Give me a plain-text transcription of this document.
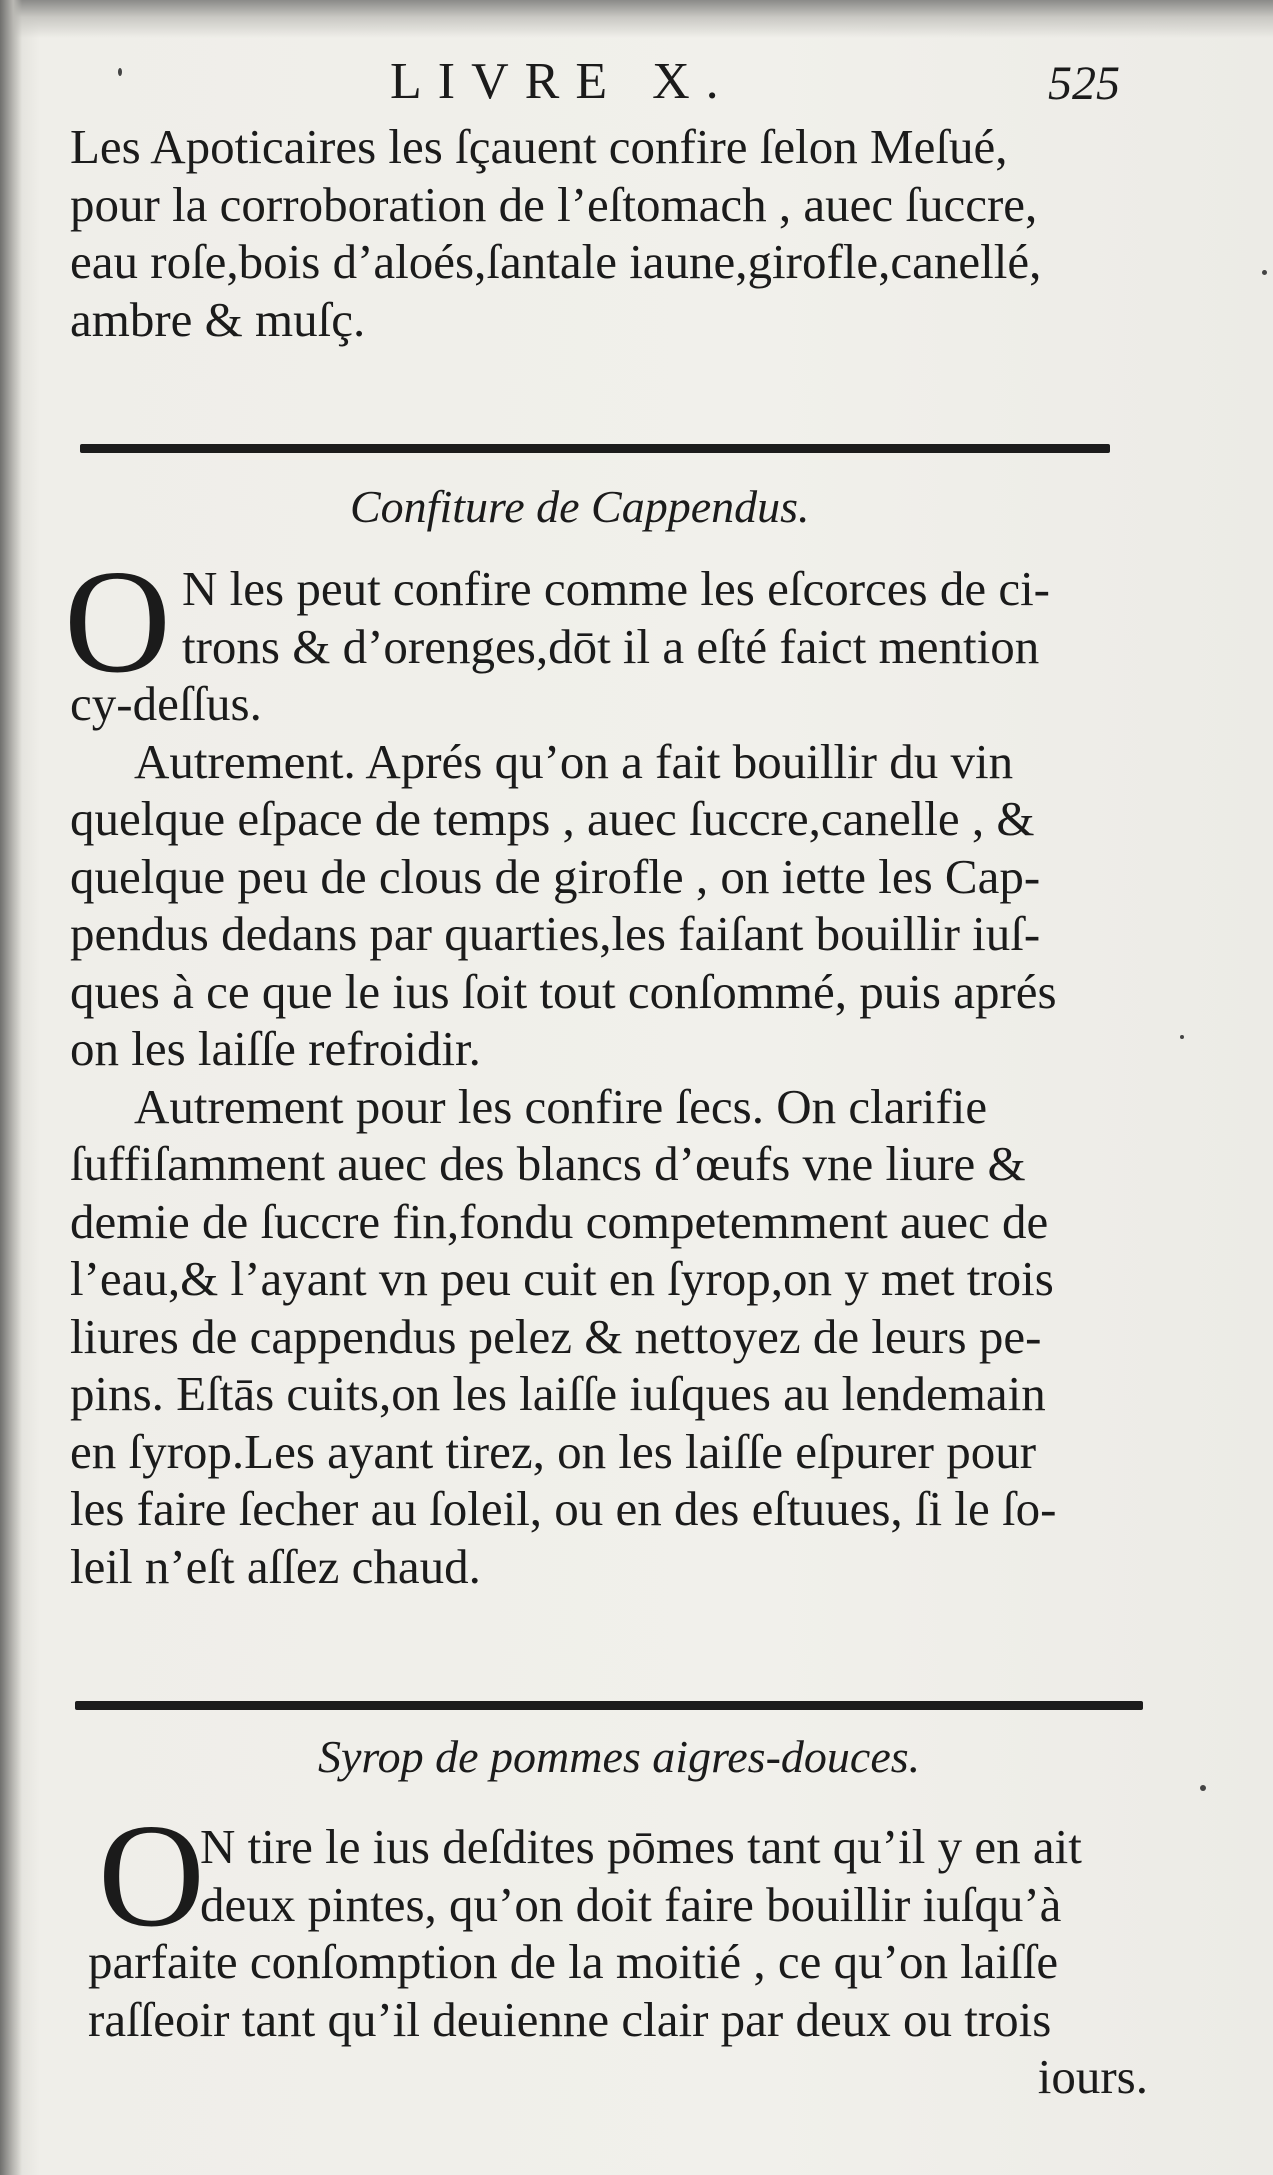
LIVRE X.	525
Les Apoticaires les ſçauent confire ſelon Meſué,
pour la corroboration de l’eſtomach , auec ſuccre,
eau roſe,bois d’aloés,ſantale iaune,girofle,canellé,
ambre & muſç.
Confiture de Cappendus.
O N les peut confire comme les eſcorces de ci-
trons & d’orenges,dōt il a eſté faict mention
cy-deſſus.
Autrement. Aprés qu’on a fait bouillir du vin
quelque eſpace de temps , auec ſuccre,canelle , &
quelque peu de clous de girofle , on iette les Cap-
pendus dedans par quarties,les faiſant bouillir iuſ-
ques à ce que le ius ſoit tout conſommé, puis aprés
on les laiſſe refroidir.
Autrement pour les confire ſecs. On clarifie
ſuffiſamment auec des blancs d’œufs vne liure &
demie de ſuccre fin,fondu competemment auec de
l’eau,& l’ayant vn peu cuit en ſyrop,on y met trois
liures de cappendus pelez & nettoyez de leurs pe-
pins. Eſtās cuits,on les laiſſe iuſques au lendemain
en ſyrop.Les ayant tirez, on les laiſſe eſpurer pour
les faire ſecher au ſoleil, ou en des eſtuues, ſi le ſo-
leil n’eſt aſſez chaud.
Syrop de pommes aigres-douces.
O
N tire le ius deſdites pōmes tant qu’il y en ait
deux pintes, qu’on doit faire bouillir iuſqu’à
parfaite conſomption de la moitié , ce qu’on laiſſe
raſſeoir tant qu’il deuienne clair par deux ou trois
iours.
